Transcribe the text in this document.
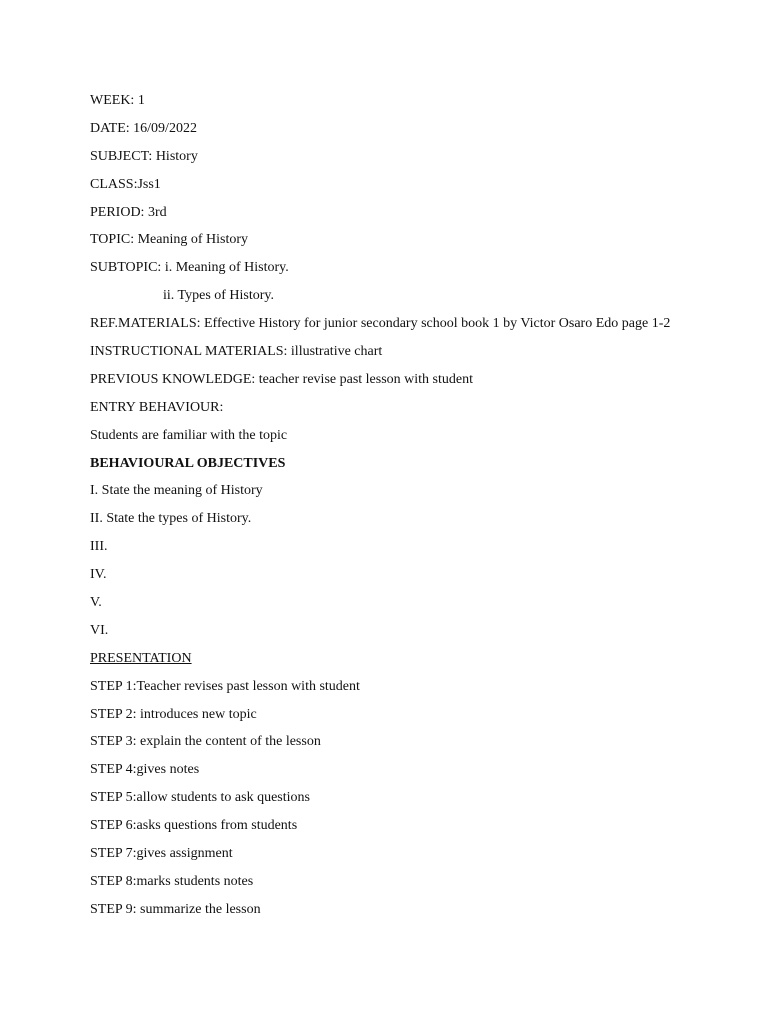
WEEK: 1
DATE: 16/09/2022
SUBJECT: History
CLASS:Jss1
PERIOD: 3rd
TOPIC: Meaning of History
SUBTOPIC: i. Meaning of History.
ii. Types of History.
REF.MATERIALS: Effective History for junior secondary school book 1 by Victor Osaro Edo page 1-2
INSTRUCTIONAL MATERIALS: illustrative chart
PREVIOUS KNOWLEDGE: teacher revise past lesson with student
ENTRY BEHAVIOUR:
Students are familiar with the topic
BEHAVIOURAL OBJECTIVES
I. State the meaning of History
II. State the types of History.
III.
IV.
V.
VI.
PRESENTATION
STEP 1:Teacher revises past lesson with student
STEP 2: introduces new topic
STEP 3: explain the content of the lesson
STEP 4:gives notes
STEP 5:allow students to ask questions
STEP 6:asks questions from students
STEP 7:gives assignment
STEP 8:marks students notes
STEP 9: summarize the lesson
